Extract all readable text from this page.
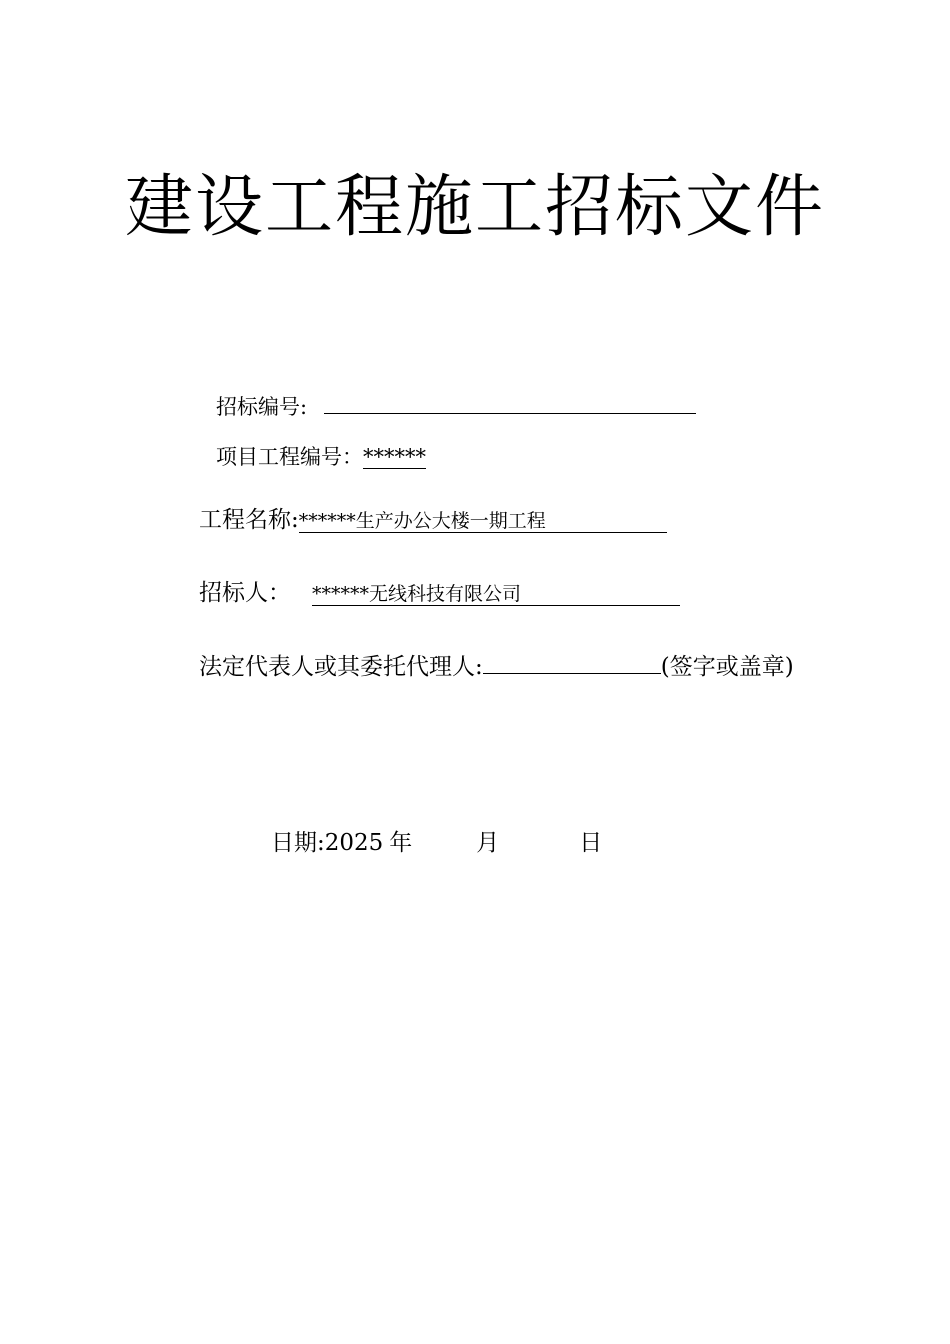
建设工程施工招标文件
招标编号:
项目工程编号：******
工程名称:******生产办公大楼一期工程
招标人： ******无线科技有限公司
法定代表人或其委托代理人:	(签字或盖章)
日期:2025 年	月	日
